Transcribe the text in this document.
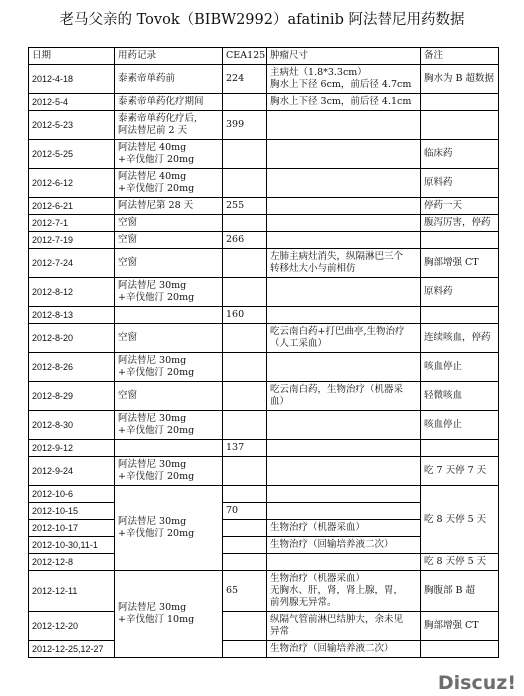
老马父亲的 Tovok（BIBW2992）afatinib 阿法替尼用药数据
日期	用药记录	CEA125	肿瘤尺寸	备注
2012-4-18	泰素帝单药前	224	主病灶（1.8*3.3cm）
胸水上下径 6cm，前后径 4.7cm	胸水为 B 超数据

2012-5-4	泰素帝单药化疗期间		胸水上下径 3cm，前后径 4.1cm	

2012-5-23	泰素帝单药化疗后,
阿法替尼前 2 天	399		
2012-5-25	阿法替尼 40mg
+辛伐他汀 20mg			临床药

2012-6-12	阿法替尼 40mg
+辛伐他汀 20mg			原料药

2012-6-21	阿法替尼第 28 天	255		停药一天

2012-7-1	空窗			腹泻厉害，停药

2012-7-19	空窗	266		
2012-7-24	空窗		左肺主病灶消失，纵隔淋巴三个
转移灶大小与前相仿	胸部增强 CT

2012-8-12	阿法替尼 30mg
+辛伐他汀 20mg			原料药

2012-8-13		160		
2012-8-20	空窗		吃云南白药+打巴曲亭,生物治疗
（人工采血）	连续咳血，停药

2012-8-26	阿法替尼 30mg
+辛伐他汀 20mg			咳血停止

2012-8-29	空窗		吃云南白药，生物治疗（机器采
血）	轻微咳血

2012-8-30	阿法替尼 30mg
+辛伐他汀 20mg			咳血停止

2012-9-12		137		
2012-9-24	阿法替尼 30mg
+辛伐他汀 20mg			吃 7 天停 7 天

2012-10-6	阿法替尼 30mg
+辛伐他汀 20mg			吃 8 天停 5 天

2012-10-15		70		
2012-10-17			生物治疗（机器采血）	

2012-10-30,11-1			生物治疗（回输培养液二次）	

2012-12-8				吃 8 天停 5 天

2012-12-11	阿法替尼 30mg
+辛伐他汀 10mg	65	生物治疗（机器采血）
无胸水、肝，肾，肾上腺，胃，
前列腺无异常。	胸腹部 B 超

2012-12-20			纵隔气管前淋巴结肿大，余未见
异常	胸部增强 CT

2012-12-25,12-27			生物治疗（回输培养液二次）	

Discuz!
